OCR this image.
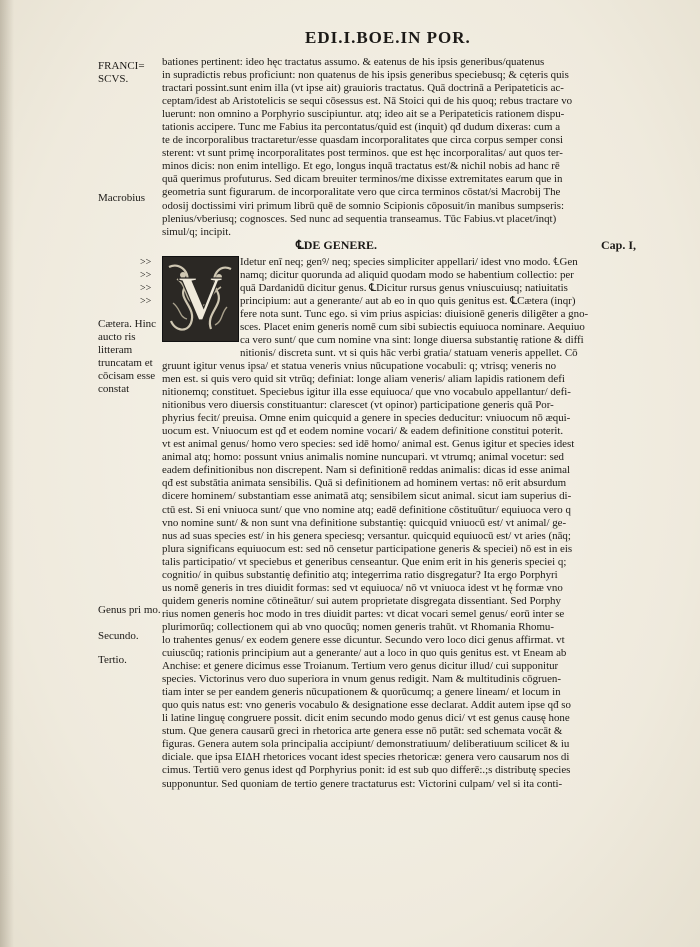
EDI.I.BOE.IN POR.
FRANCI= SCVS.
Macrobius
Cætera. Hinc aucto ris litteram truncatam et cōcisam esse constat
Genus pri mo.
Secundo.
Tertio.
bationes pertinent: ideo hęc tractatus assumo. & eatenus de his ipsis generibus/quatenus
in supradictis rebus proficiunt: non quatenus de his ipsis generibus speciebusq; & cęteris quis
tractari possint.sunt enim illa (vt ipse ait) grauioris tractatus. Quā doctrinā a Peripateticis ac-
ceptam/idest ab Aristotelicis se sequi cōsessus est. Nā Stoici qui de his quoq; rebus tractare vo
luerunt: non omnino a Porphyrio suscipiuntur. atq; ideo ait se a Peripateticis rationem dispu-
tationis accipere. Tunc me Fabius ita percontatus/quid est (inquit) qđ dudum dixeras: cum a
te de incorporalibus tractaretur/esse quasdam incorporalitates que circa corpus semper consi
sterent: vt sunt primę incorporalitates post terminos. que est hęc incorporalitas/ aut quos ter-
minos dicis: non enim intelligo. Et ego, longus inquā tractatus est/& nichil nobis ad hanc rē
quā querimus profuturus. Sed dicam breuiter terminos/me dixisse extremitates earum que in
geometria sunt figurarum. de incorporalitate vero que circa terminos cōstat/si Macrobij The
odosij doctissimi viri primum librū quē de somnio Scipionis cōposuit/in manibus sumpseris:
plenius/vberiusq; cognosces. Sed nunc ad sequentia transeamus. Tūc Fabius.vt placet/inqt)
simul/q; incipit.
℄DE GENERE.	Cap. I,
>>
>>
>>
>> V
Idetur enī neq; genꝰ/ neq; species simpliciter appellari/ idest vno modo. ℄Gen
namq; dicitur quorunda ad aliquid quodam modo se habentium collectio: per
quā Dardanidū dicitur genus. ℄Dicitur rursus genus vniuscuiusq; natiuitatis
principium: aut a generante/ aut ab eo in quo quis genitus est. ℄Cætera (inqr)
fere nota sunt. Tunc ego. si vim prius aspicias: diuisionē generis diligēter a gno-
sces. Placet enim generis nomē cum sibi subiectis equiuoca nominare. Aequiuo
ca vero sunt/ que cum nomine vna sint: longe diuersa substantię ratione & diffi
nitionis/ discreta sunt. vt si quis hāc verbi gratia/ statuam veneris appellet. Cō
gruunt igitur venus ipsa/ et statua veneris vnius nūcupatione vocabuli: q; vtrisq; veneris no
men est. si quis vero quid sit vtrūq; definiat: longe aliam veneris/ aliam lapidis rationem defi
nitionemq; constituet. Speciebus igitur illa esse equiuoca/ que vno vocabulo appellantur/ defi-
nitionibus vero diuersis constituantur: clarescet (vt opinor) participatione generis quā Por-
phyrius fecit/ preuisa. Omne enim quicquid a genere in species deducitur: vniuocum nō æqui-
uocum est. Vniuocum est qđ et eodem nomine vocari/ & eadem definitione constitui poterit.
vt est animal genus/ homo vero species: sed idē homo/ animal est. Genus igitur et species idest
animal atq; homo: possunt vnius animalis nomine nuncupari. vt vtrumq; animal vocetur: sed
eadem definitionibus non discrepent. Nam si definitionē reddas animalis: dicas id esse animal
qđ est substātia animata sensibilis. Quā si definitionem ad hominem vertas: nō erit absurdum
dicere hominem/ substantiam esse animatā atq; sensibilem sicut animal. sicut iam superius di-
ctū est. Si eni vniuoca sunt/ que vno nomine atq; eadē definitione cōstituūtur/ equiuoca vero q
vno nomine sunt/ & non sunt vna definitione substantię: quicquid vniuocū est/ vt animal/ ge-
nus ad suas species est/ in his genera speciesq; versantur. quicquid equiuocū est/ vt aries (nāq;
plura significans equiuocum est: sed nō censetur participatione generis & speciei) nō est in eis
talis participatio/ vt speciebus et generibus censeantur. Que enim erit in his generis speciei q;
cognitio/ in quibus substantię definitio atq; integerrima ratio disgregatur? Ita ergo Porphyri
us nomē generis in tres diuidit formas: sed vt equiuoca/ nō vt vniuoca idest vt hę formæ vno
quidem generis nomine cōtineātur/ sui autem proprietate disgregata dissentiant. Sed Porphy
rius nomen generis hoc modo in tres diuidit partes: vt dicat vocari semel genus/ eorū inter se
plurimorūq; collectionem qui ab vno quocūq; nomen generis trahūt. vt Rhomania Rhomu-
lo trahentes genus/ ex eodem genere esse dicuntur. Secundo vero loco dici genus affirmat. vt
cuiuscūq; rationis principium aut a generante/ aut a loco in quo quis genitus est. vt Eneam ab
Anchise: et genere dicimus esse Troianum. Tertium vero genus dicitur illud/ cui supponitur
species. Victorinus vero duo superiora in vnum genus redigit. Nam & multitudinis cōgruen-
tiam inter se per eandem generis nūcupationem & quorūcumq; a genere lineam/ et locum in
quo quis natus est: vno generis vocabulo & designatione esse declarat. Addit autem ipse qđ so
li latine linguę congruere possit. dicit enim secundo modo genus dici/ vt est genus causę hone
stum. Que genera causarū greci in rhetorica arte genera esse nō putāt: sed schemata vocāt &
figuras. Genera autem sola principalia accipiunt/ demonstratiuum/ deliberatiuum scilicet & iu
diciale. que ipsa ΕΙΔΗ rhetorices vocant idest species rhetoricæ: genera vero causarum nos di
cimus. Tertiū vero genus idest qđ Porphyrius ponit: id est sub quo differē:.;s distributę species
supponuntur. Sed quoniam de tertio genere tractaturus est: Victorini culpam/ vel si ita conti-
